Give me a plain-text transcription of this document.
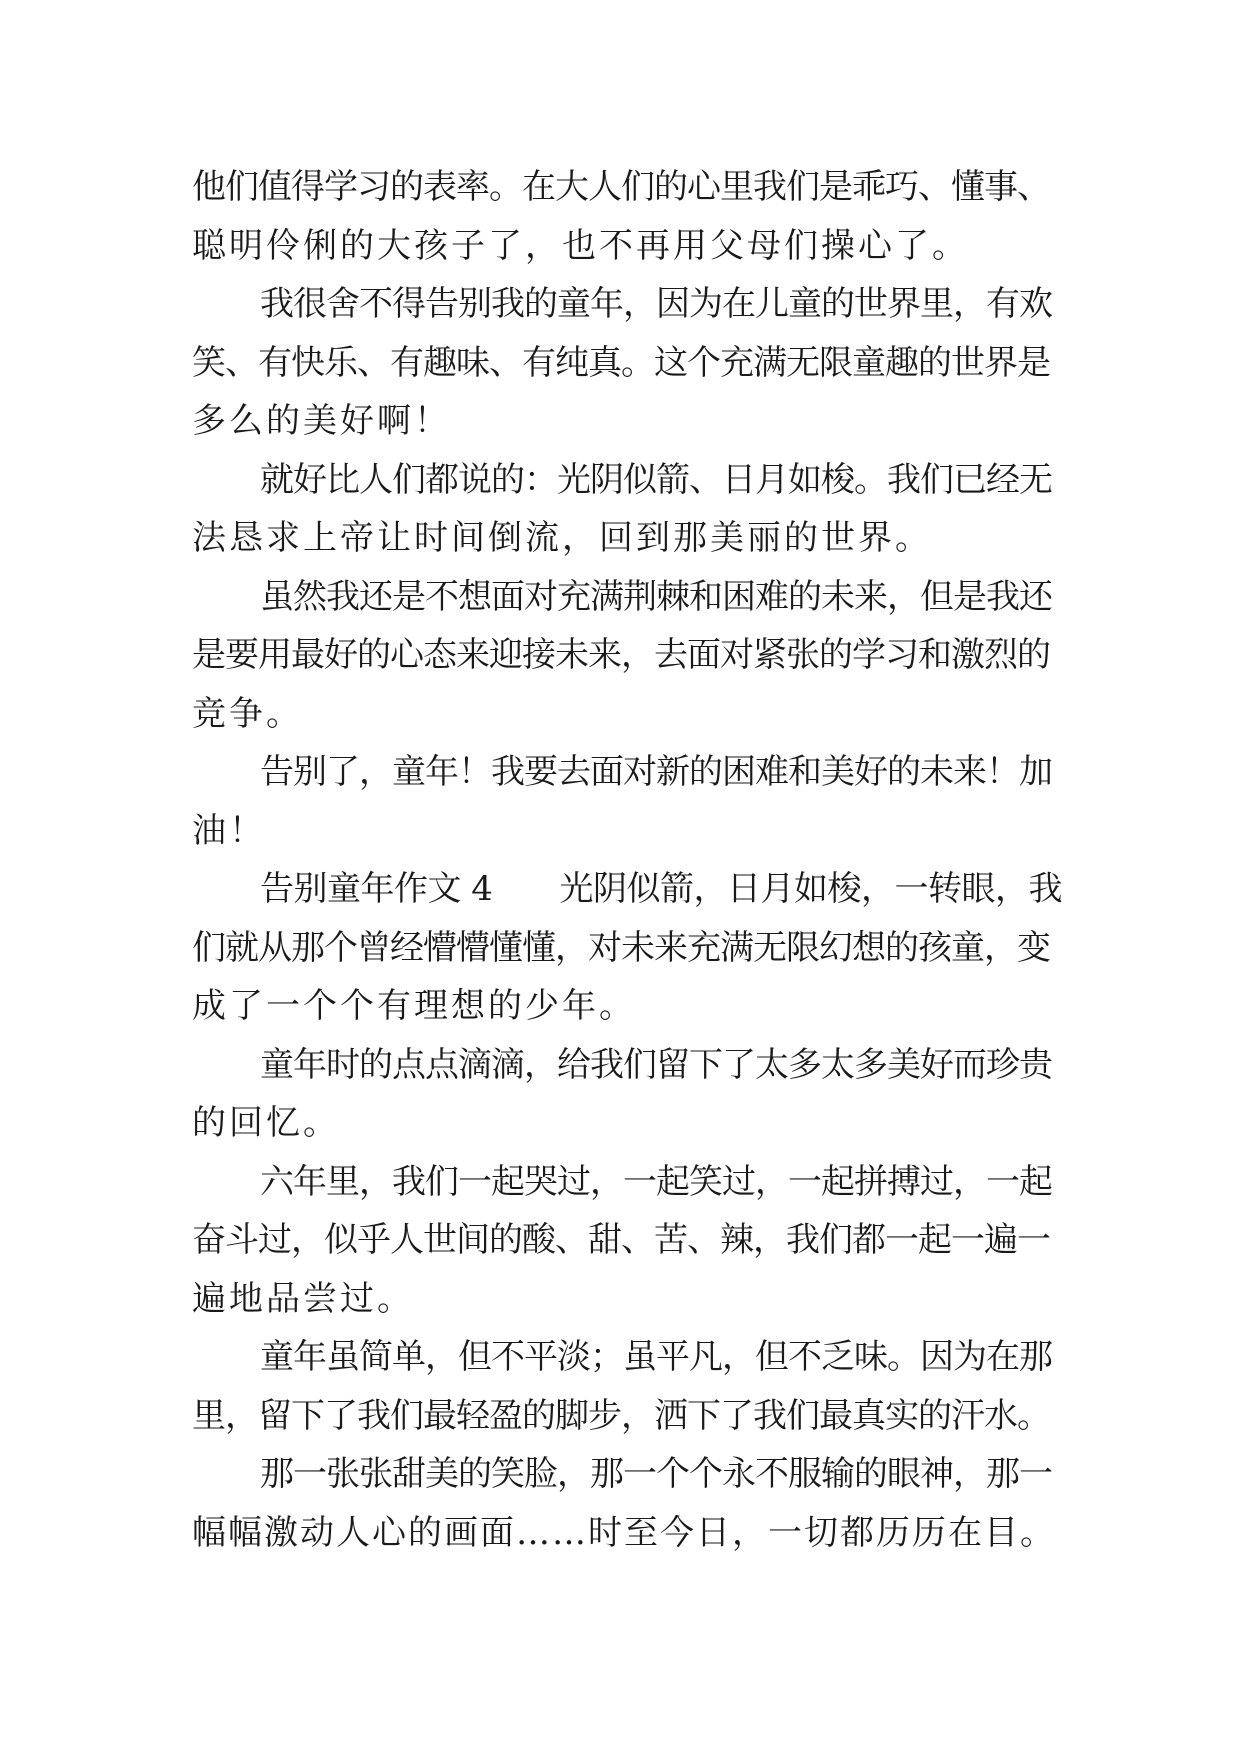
他们值得学习的表率。在大人们的心里我们是乖巧、懂事、
聪明伶俐的大孩子了，也不再用父母们操心了。
我很舍不得告别我的童年，因为在儿童的世界里，有欢
笑、有快乐、有趣味、有纯真。这个充满无限童趣的世界是
多么的美好啊！
就好比人们都说的：光阴似箭、日月如梭。我们已经无
法恳求上帝让时间倒流，回到那美丽的世界。
虽然我还是不想面对充满荆棘和困难的未来，但是我还
是要用最好的心态来迎接未来，去面对紧张的学习和激烈的
竞争。
告别了，童年！我要去面对新的困难和美好的未来！加
油！
告别童年作文 4　　光阴似箭，日月如梭，一转眼，我
们就从那个曾经懵懵懂懂，对未来充满无限幻想的孩童，变
成了一个个有理想的少年。
童年时的点点滴滴，给我们留下了太多太多美好而珍贵
的回忆。
六年里，我们一起哭过，一起笑过，一起拼搏过，一起
奋斗过，似乎人世间的酸、甜、苦、辣，我们都一起一遍一
遍地品尝过。
童年虽简单，但不平淡；虽平凡，但不乏味。因为在那
里，留下了我们最轻盈的脚步，洒下了我们最真实的汗水。
那一张张甜美的笑脸，那一个个永不服输的眼神，那一
幅幅激动人心的画面……时至今日，一切都历历在目。
